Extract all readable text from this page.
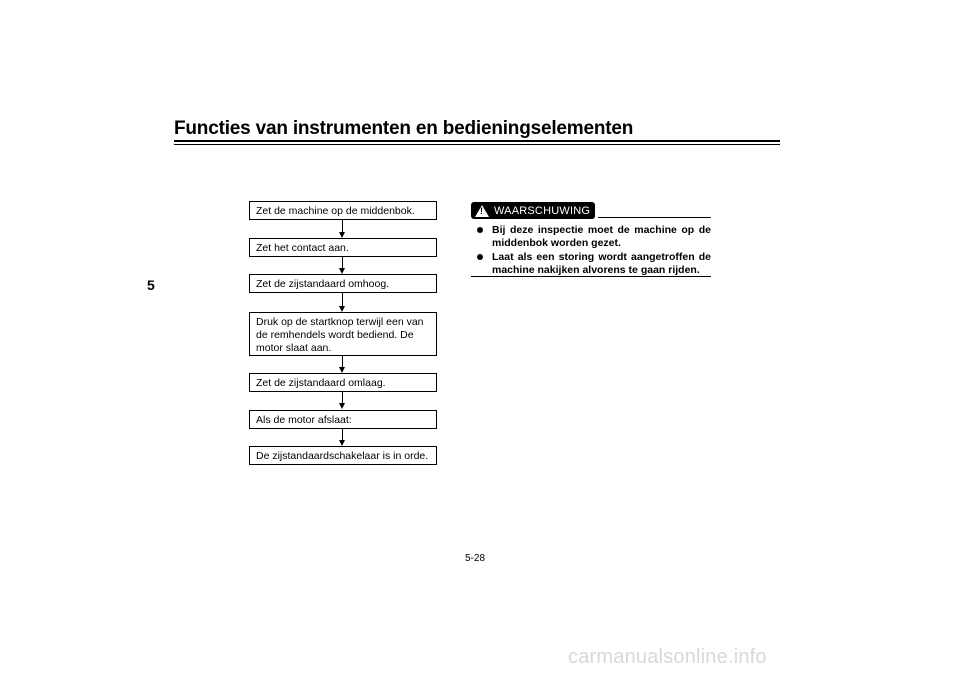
Functies van instrumenten en bedieningselementen
5
Zet de machine op de middenbok.
Zet het contact aan.
Zet de zijstandaard omhoog.
Druk op de startknop terwijl een van de remhendels wordt bediend. De motor slaat aan.
Zet de zijstandaard omlaag.
Als de motor afslaat:
De zijstandaardschakelaar is in orde.
!
WAARSCHUWING
Bij deze inspectie moet de machine op de middenbok worden gezet.
Laat als een storing wordt aangetroffen de machine nakijken alvorens te gaan rijden.
5-28
carmanualsonline.info
